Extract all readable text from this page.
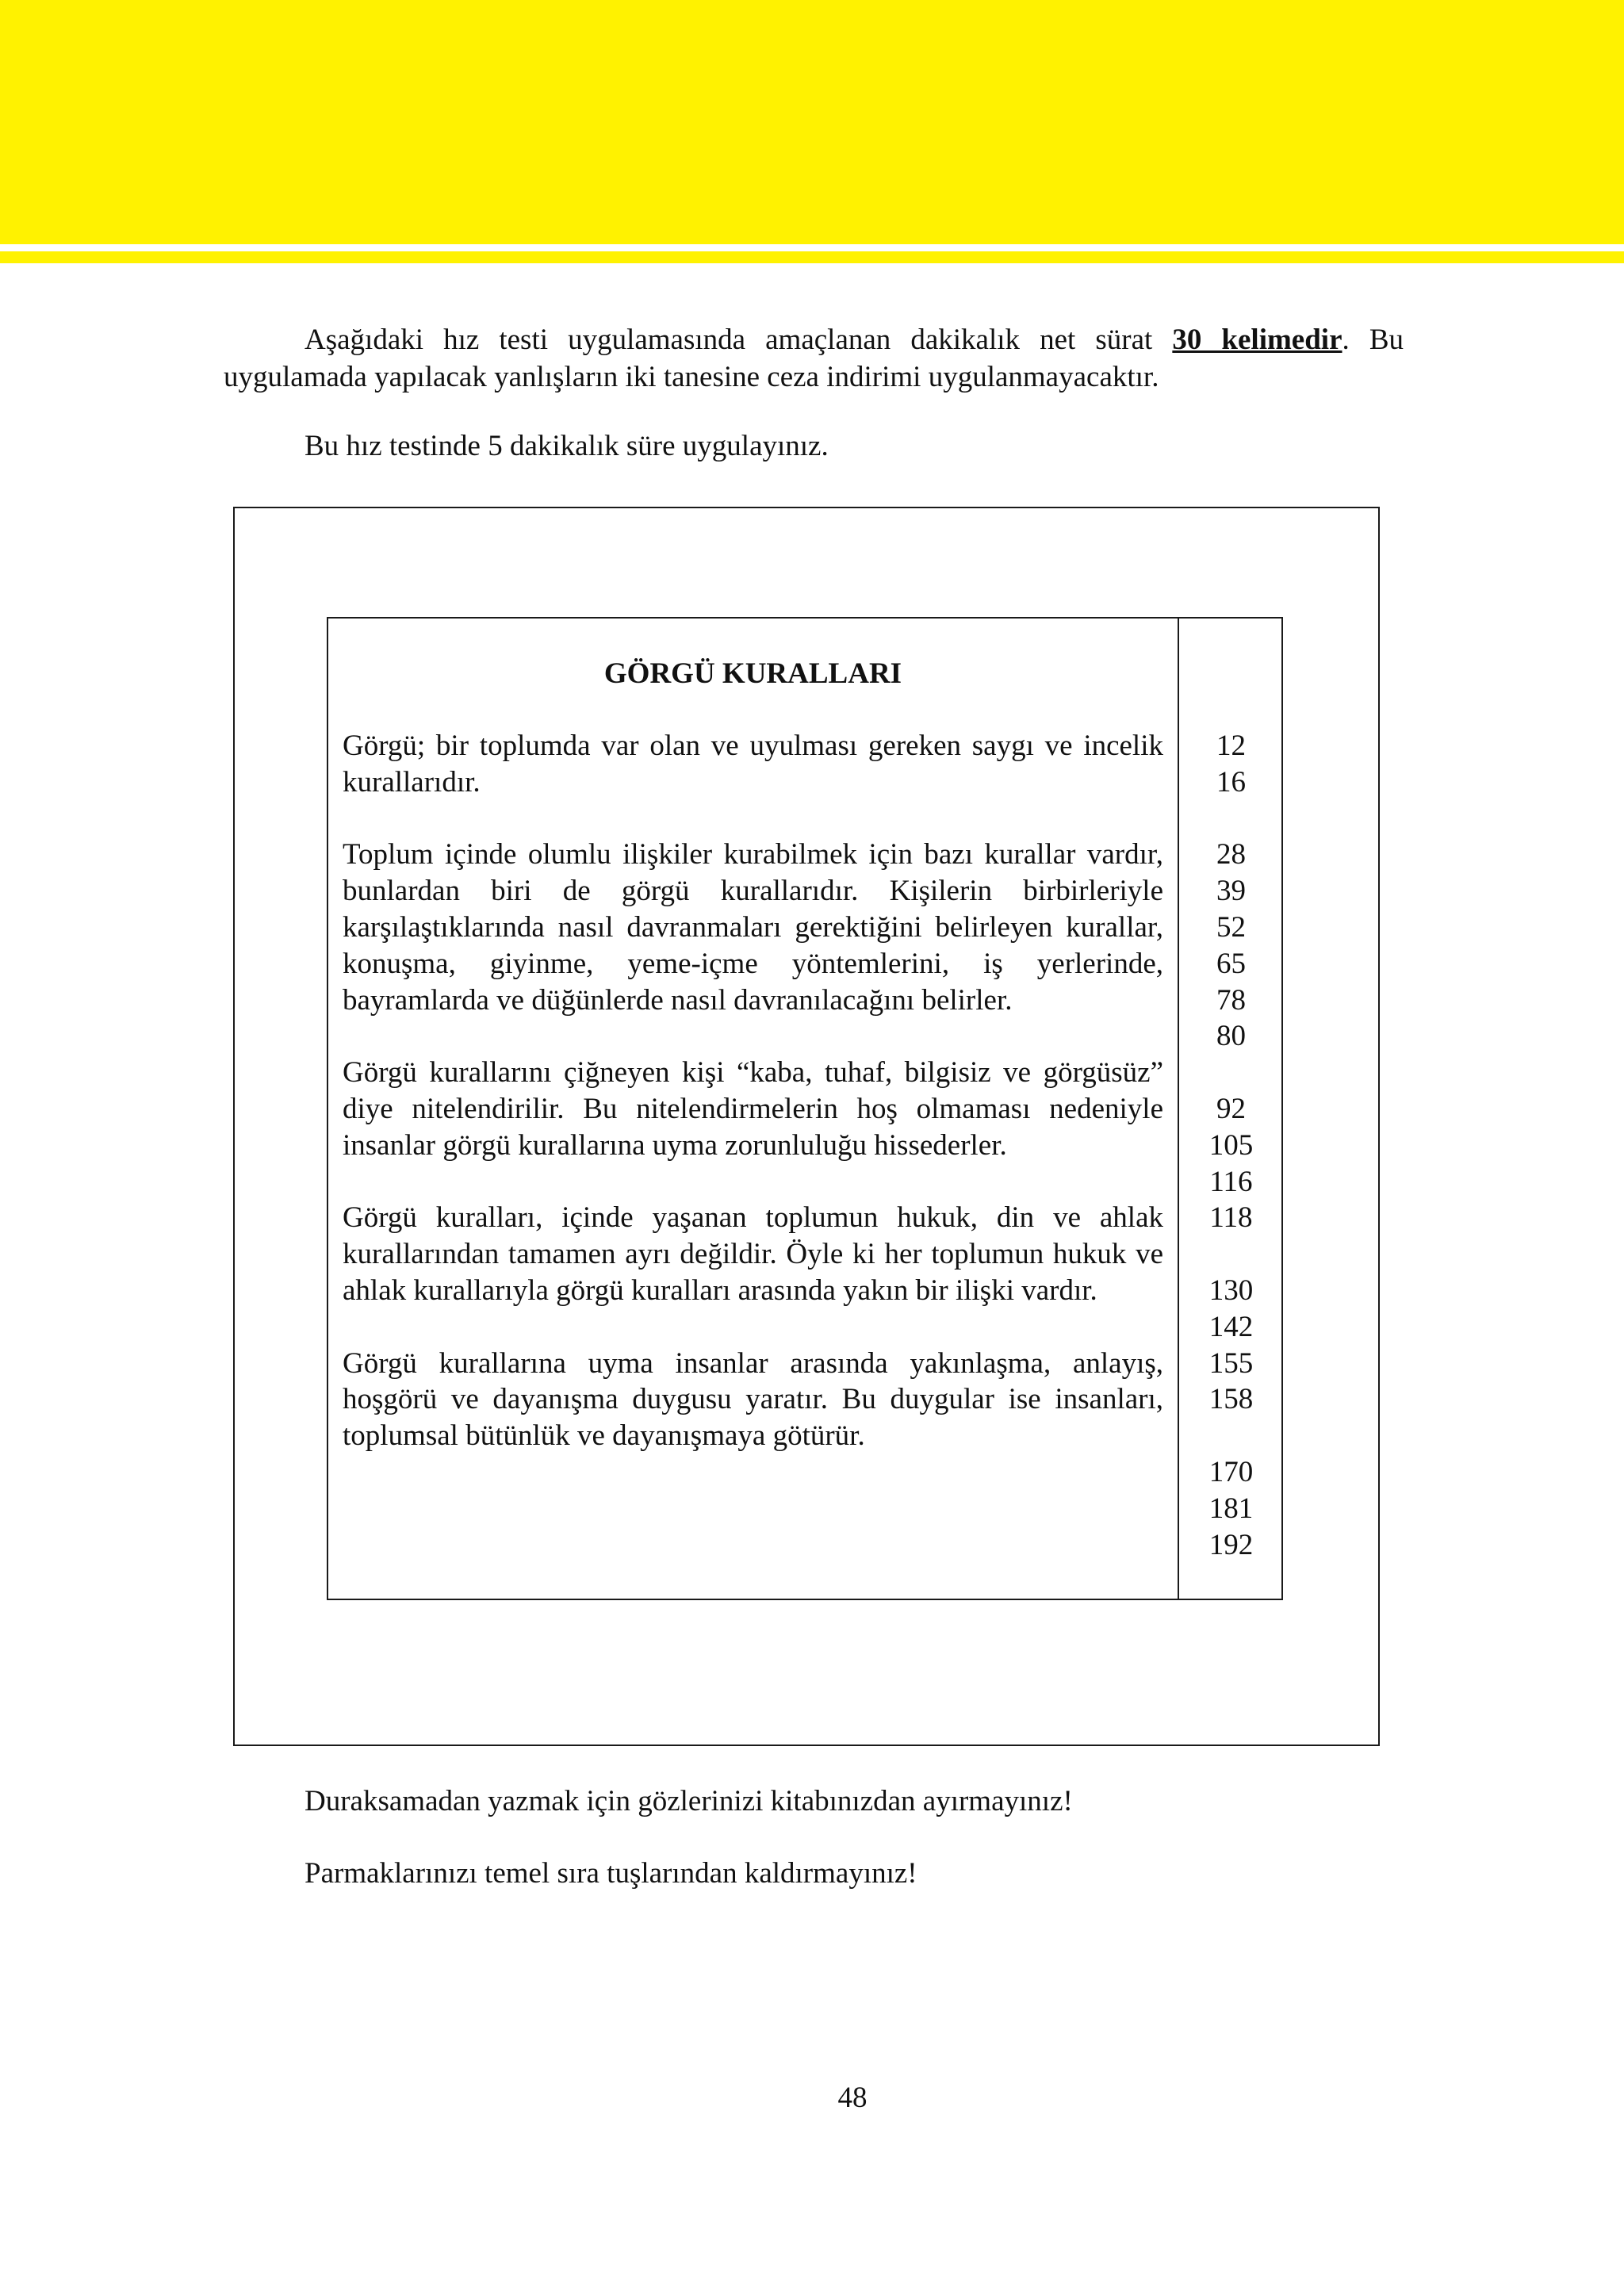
Aşağıdaki hız testi uygulamasında amaçlanan dakikalık net sürat 30 kelimedir. Bu uygulamada yapılacak yanlışların iki tanesine ceza indirimi uygulanmayacaktır.

Bu hız testinde 5 dakikalık süre uygulayınız.

GÖRGÜ KURALLARI

Görgü; bir toplumda var olan ve uyulması gereken saygı ve incelik kurallarıdır.

Toplum içinde olumlu ilişkiler kurabilmek için bazı kurallar vardır, bunlardan biri de görgü kurallarıdır. Kişilerin birbirleriyle karşılaştıklarında nasıl davranmaları gerektiğini belirleyen kurallar, konuşma, giyinme, yeme-içme yöntemlerini, iş yerlerinde, bayramlarda ve düğünlerde nasıl davranılacağını belirler.

Görgü kurallarını çiğneyen kişi “kaba, tuhaf, bilgisiz ve görgüsüz” diye nitelendirilir. Bu nitelendirmelerin hoş olmaması nedeniyle insanlar görgü kurallarına uyma zorunluluğu hissederler.

Görgü kuralları, içinde yaşanan toplumun hukuk, din ve ahlak kurallarından tamamen ayrı değildir. Öyle ki her toplumun hukuk ve ahlak kurallarıyla görgü kuralları arasında yakın bir ilişki vardır.

Görgü kurallarına uyma insanlar arasında yakınlaşma, anlayış, hoşgörü ve dayanışma duygusu yaratır. Bu duygular ise insanları, toplumsal bütünlük ve dayanışmaya götürür.

12
16
28
39
52
65
78
80
92
105
116
118
130
142
155
158
170
181
192

Duraksamadan yazmak için gözlerinizi kitabınızdan ayırmayınız!

Parmaklarınızı temel sıra tuşlarından kaldırmayınız!

48
